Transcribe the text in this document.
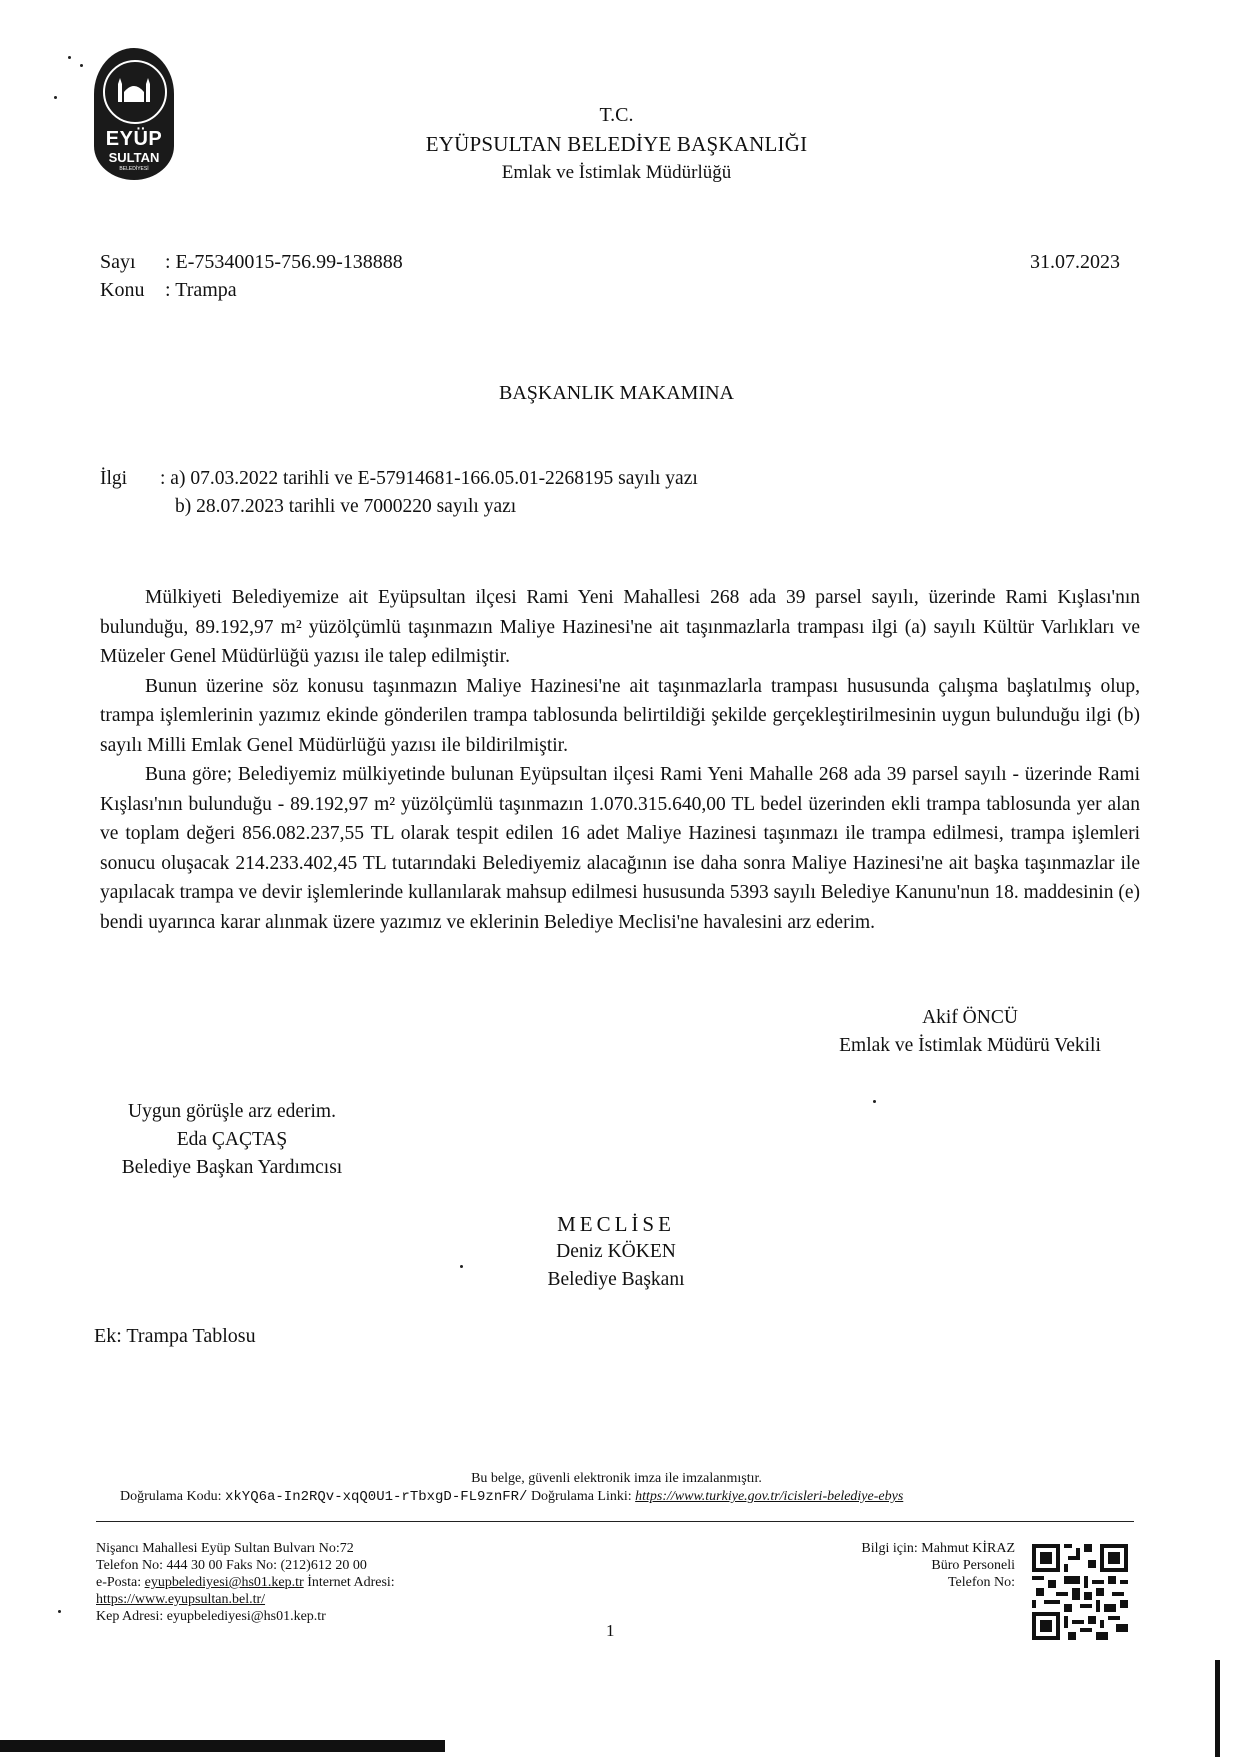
EYÜP
SULTAN
BELEDİYESİ
T.C.
EYÜPSULTAN BELEDİYE BAŞKANLIĞI
Emlak ve İstimlak Müdürlüğü
Sayı : E-75340015-756.99-138888
Konu : Trampa
31.07.2023
BAŞKANLIK MAKAMINA
İlgi : a) 07.03.2022 tarihli ve E-57914681-166.05.01-2268195 sayılı yazı
b) 28.07.2023 tarihli ve 7000220 sayılı yazı

Mülkiyeti Belediyemize ait Eyüpsultan ilçesi Rami Yeni Mahallesi 268 ada 39 parsel sayılı, üzerinde Rami Kışlası'nın bulunduğu, 89.192,97 m² yüzölçümlü taşınmazın Maliye Hazinesi'ne ait taşınmazlarla trampası ilgi (a) sayılı Kültür Varlıkları ve Müzeler Genel Müdürlüğü yazısı ile talep edilmiştir.

Bunun üzerine söz konusu taşınmazın Maliye Hazinesi'ne ait taşınmazlarla trampası hususunda çalışma başlatılmış olup, trampa işlemlerinin yazımız ekinde gönderilen trampa tablosunda belirtildiği şekilde gerçekleştirilmesinin uygun bulunduğu ilgi (b) sayılı Milli Emlak Genel Müdürlüğü yazısı ile bildirilmiştir.

Buna göre; Belediyemiz mülkiyetinde bulunan Eyüpsultan ilçesi Rami Yeni Mahalle 268 ada 39 parsel sayılı - üzerinde Rami Kışlası'nın bulunduğu - 89.192,97 m² yüzölçümlü taşınmazın 1.070.315.640,00 TL bedel üzerinden ekli trampa tablosunda yer alan ve toplam değeri 856.082.237,55 TL olarak tespit edilen 16 adet Maliye Hazinesi taşınmazı ile trampa edilmesi, trampa işlemleri sonucu oluşacak 214.233.402,45 TL tutarındaki Belediyemiz alacağının ise daha sonra Maliye Hazinesi'ne ait başka taşınmazlar ile yapılacak trampa ve devir işlemlerinde kullanılarak mahsup edilmesi hususunda 5393 sayılı Belediye Kanunu'nun 18. maddesinin (e) bendi uyarınca karar alınmak üzere yazımız ve eklerinin Belediye Meclisi'ne havalesini arz ederim.

Akif ÖNCÜ
Emlak ve İstimlak Müdürü Vekili
Uygun görüşle arz ederim.
Eda ÇAÇTAŞ
Belediye Başkan Yardımcısı
MECLİSE
Deniz KÖKEN
Belediye Başkanı
Ek: Trampa Tablosu
Bu belge, güvenli elektronik imza ile imzalanmıştır.
Doğrulama Kodu: xkYQ6a-In2RQv-xqQ0U1-rTbxgD-FL9znFR/ Doğrulama Linki: https://www.turkiye.gov.tr/icisleri-belediye-ebys
Nişancı Mahallesi Eyüp Sultan Bulvarı No:72
Telefon No: 444 30 00 Faks No: (212)612 20 00
e-Posta: eyupbelediyesi@hs01.kep.tr İnternet Adresi:
https://www.eyupsultan.bel.tr/
Kep Adresi: eyupbelediyesi@hs01.kep.tr
1
Bilgi için: Mahmut KİRAZ
Büro Personeli
Telefon No:
